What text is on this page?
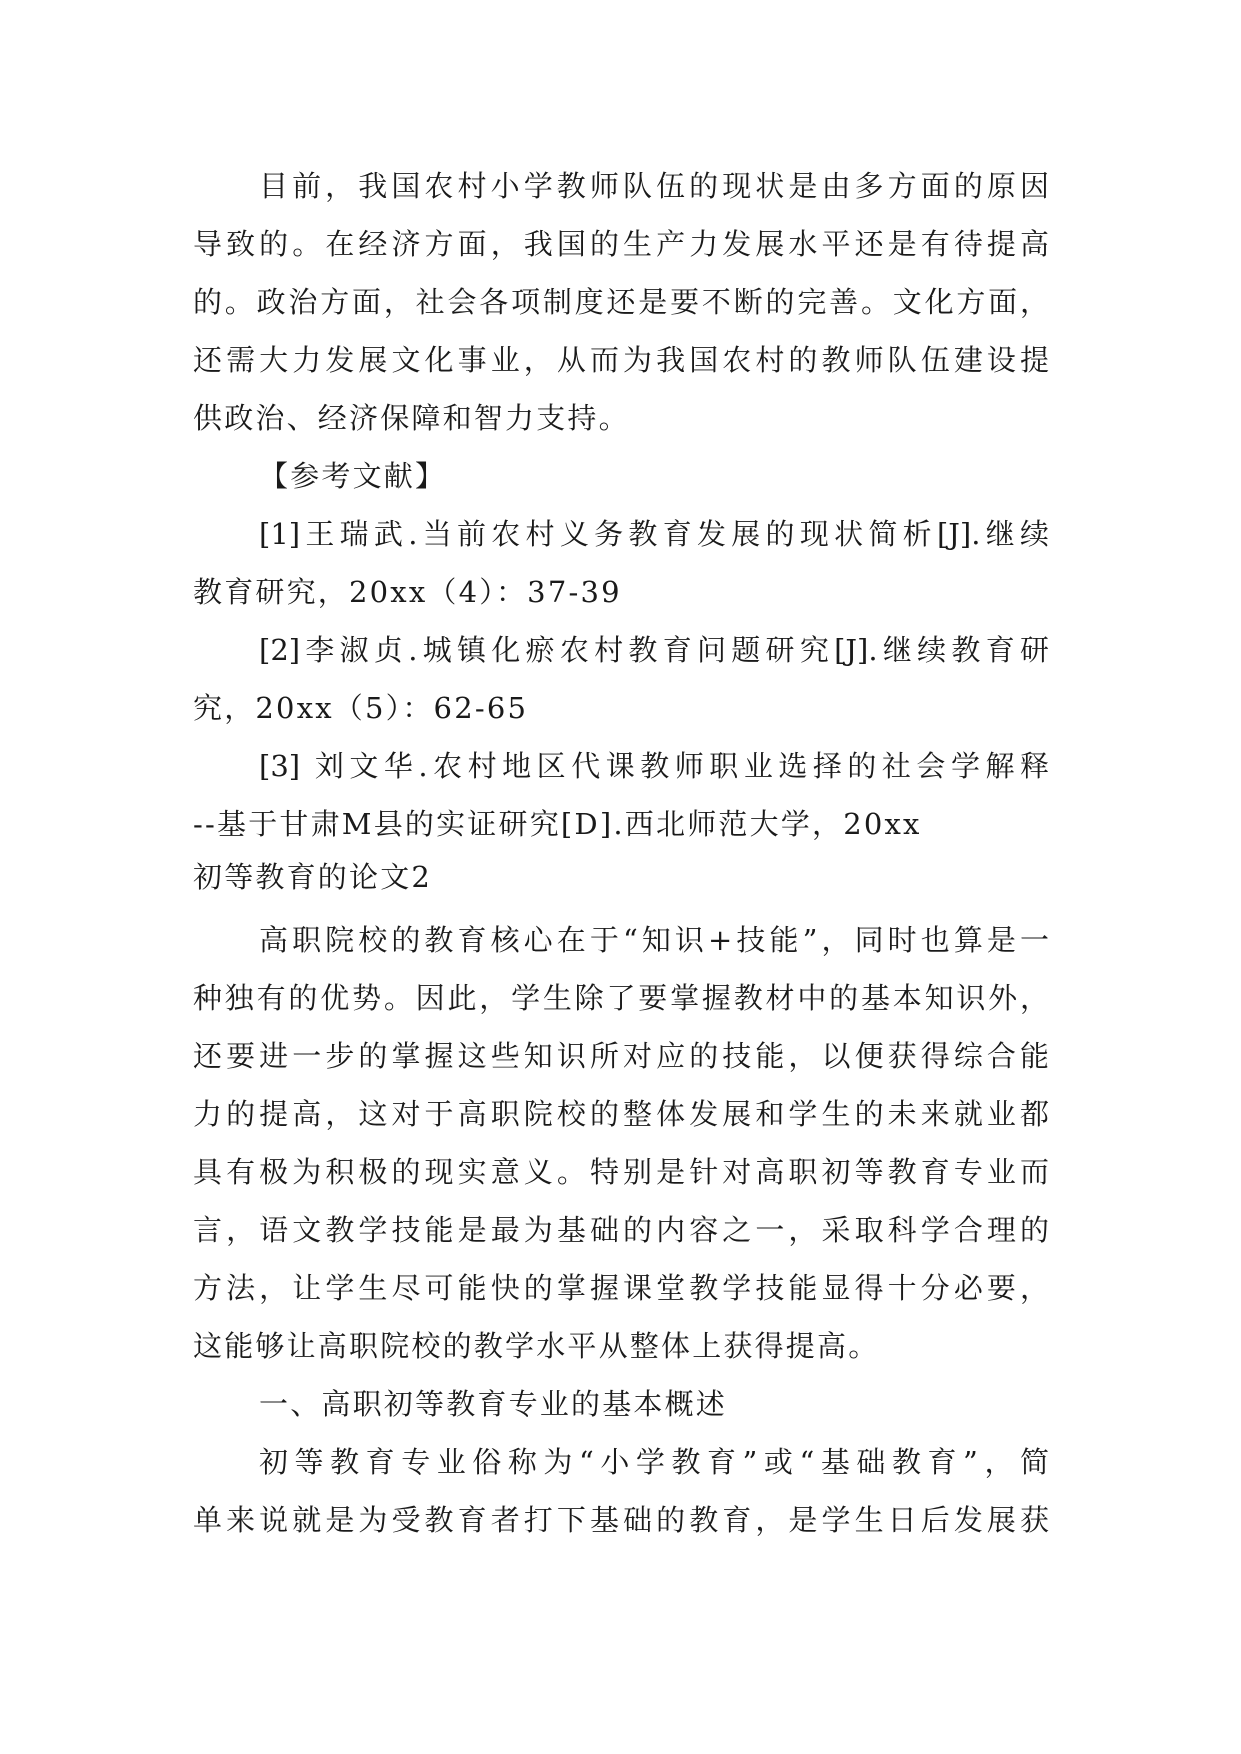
目前，我国农村小学教师队伍的现状是由多方面的原因
导致的。在经济方面，我国的生产力发展水平还是有待提高
的。政治方面，社会各项制度还是要不断的完善。文化方面，
还需大力发展文化事业，从而为我国农村的教师队伍建设提
供政治、经济保障和智力支持。
【参考文献】
[1]王瑞武.当前农村义务教育发展的现状简析[J].继续
教育研究，20xx（4）：37-39
[2]李淑贞.城镇化瘀农村教育问题研究[J].继续教育研
究，20xx（5）：62-65
[3] 刘文华.农村地区代课教师职业选择的社会学解释
--基于甘肃M县的实证研究[D].西北师范大学，20xx
初等教育的论文2
高职院校的教育核心在于“知识+技能”，同时也算是一
种独有的优势。因此，学生除了要掌握教材中的基本知识外，
还要进一步的掌握这些知识所对应的技能，以便获得综合能
力的提高，这对于高职院校的整体发展和学生的未来就业都
具有极为积极的现实意义。特别是针对高职初等教育专业而
言，语文教学技能是最为基础的内容之一，采取科学合理的
方法，让学生尽可能快的掌握课堂教学技能显得十分必要，
这能够让高职院校的教学水平从整体上获得提高。
一、高职初等教育专业的基本概述
初等教育专业俗称为“小学教育”或“基础教育”，简
单来说就是为受教育者打下基础的教育，是学生日后发展获
